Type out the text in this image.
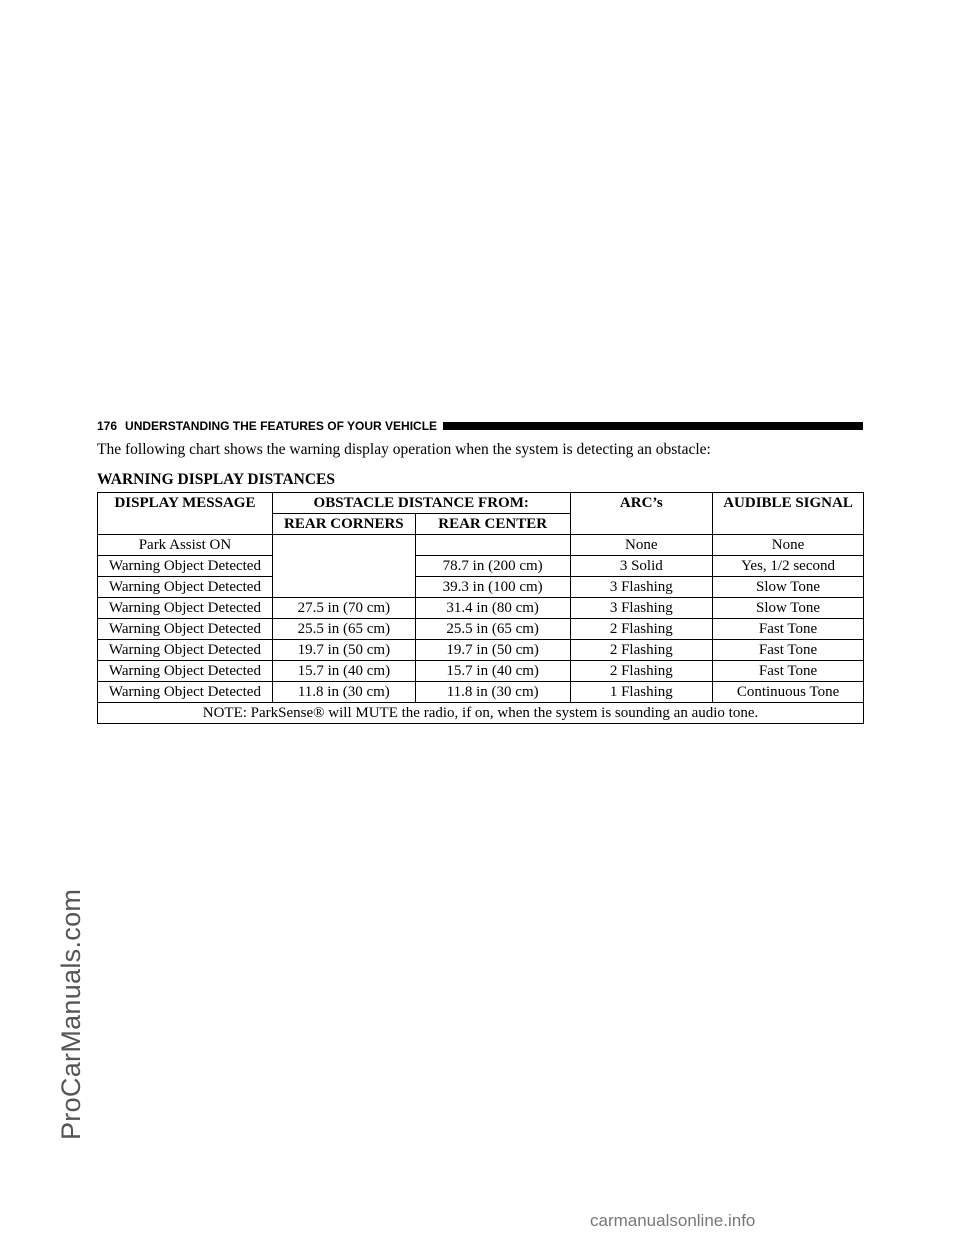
ProCarManuals.com
176 UNDERSTANDING THE FEATURES OF YOUR VEHICLE
The following chart shows the warning display operation when the system is detecting an obstacle:
WARNING DISPLAY DISTANCES
DISPLAY MESSAGE	OBSTACLE DISTANCE FROM:		ARC’s	AUDIBLE SIGNAL
	REAR CORNERS	REAR CENTER		
Park Assist ON			None	None
Warning Object Detected		78.7 in (200 cm)	3 Solid	Yes, 1/2 second
Warning Object Detected		39.3 in (100 cm)	3 Flashing	Slow Tone
Warning Object Detected	27.5 in (70 cm)	31.4 in (80 cm)	3 Flashing	Slow Tone
Warning Object Detected	25.5 in (65 cm)	25.5 in (65 cm)	2 Flashing	Fast Tone
Warning Object Detected	19.7 in (50 cm)	19.7 in (50 cm)	2 Flashing	Fast Tone
Warning Object Detected	15.7 in (40 cm)	15.7 in (40 cm)	2 Flashing	Fast Tone
Warning Object Detected	11.8 in (30 cm)	11.8 in (30 cm)	1 Flashing	Continuous Tone
NOTE: ParkSense® will MUTE the radio, if on, when the system is sounding an audio tone.				
carmanualsonline.info
